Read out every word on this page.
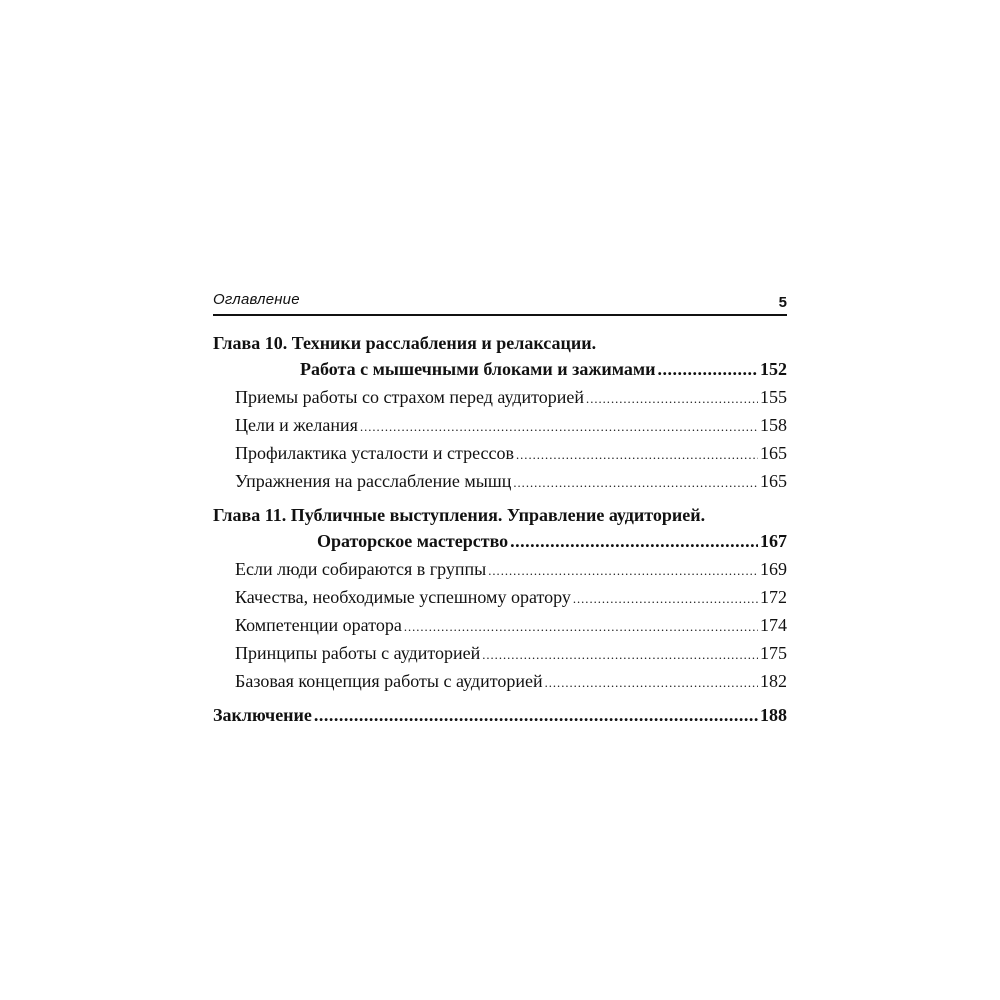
Оглавление	5
Глава 10. Техники расслабления и релаксации.
Работа с мышечными блоками и зажимами .....	152
Приемы работы со страхом перед аудиторией .....	155
Цели и желания .....	158
Профилактика усталости и стрессов .....	165
Упражнения на расслабление мышц .....	165
Глава 11. Публичные выступления. Управление аудиторией.
Ораторское мастерство .....	167
Если люди собираются в группы .....	169
Качества, необходимые успешному оратору .....	172
Компетенции оратора .....	174
Принципы работы с аудиторией .....	175
Базовая концепция работы с аудиторией .....	182
Заключение .....	188
